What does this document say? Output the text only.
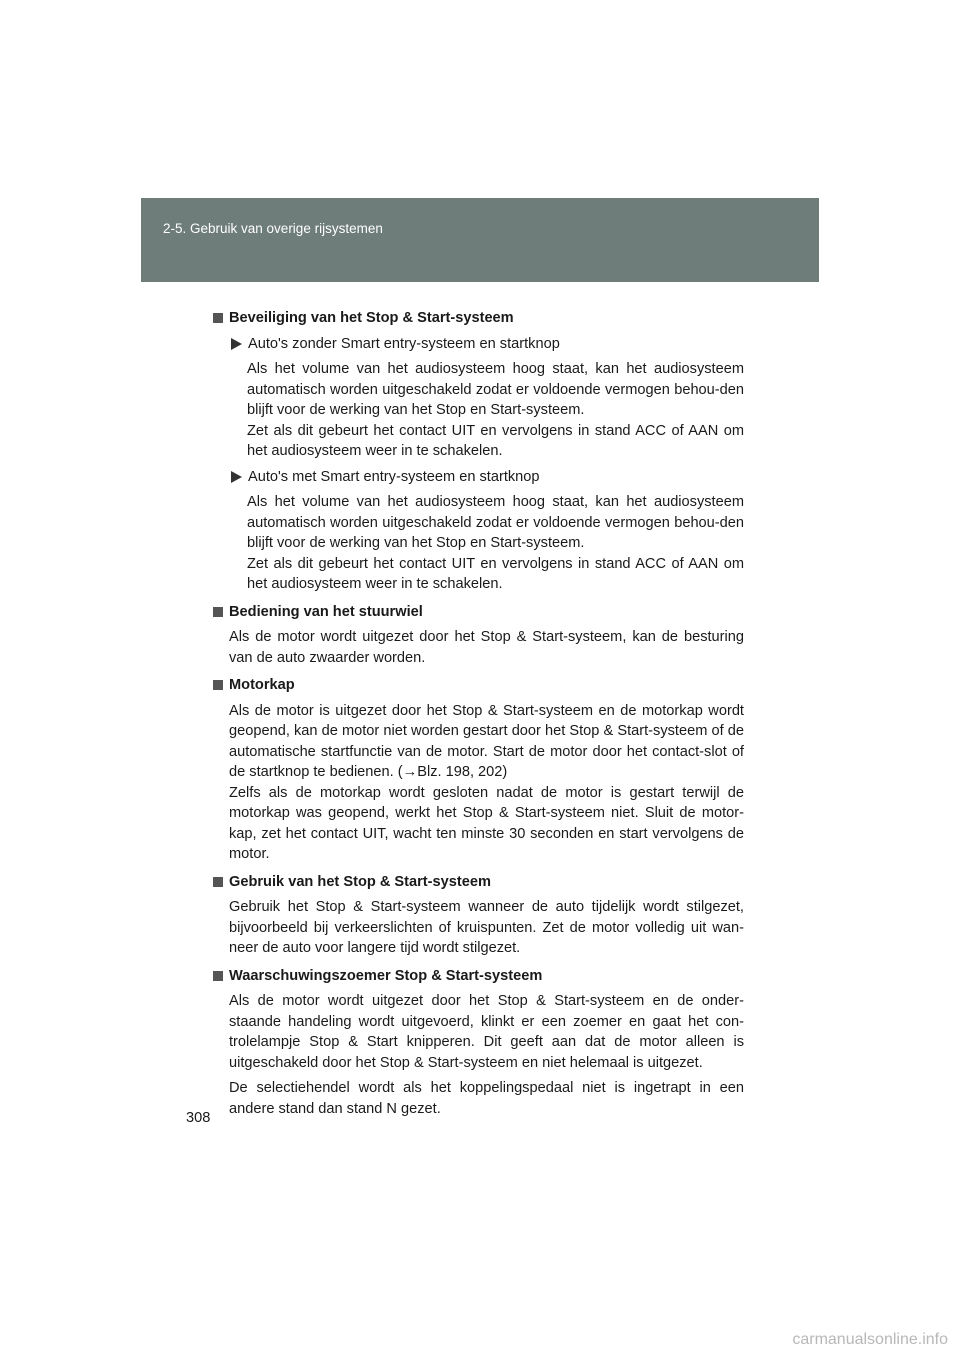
2-5. Gebruik van overige rijsystemen
Beveiliging van het Stop & Start-systeem
Auto's zonder Smart entry-systeem en startknop
Als het volume van het audiosysteem hoog staat, kan het audiosysteem automatisch worden uitgeschakeld zodat er voldoende vermogen behou-den blijft voor de werking van het Stop en Start-systeem.
Zet als dit gebeurt het contact UIT en vervolgens in stand ACC of AAN om het audiosysteem weer in te schakelen.
Auto's met Smart entry-systeem en startknop
Als het volume van het audiosysteem hoog staat, kan het audiosysteem automatisch worden uitgeschakeld zodat er voldoende vermogen behou-den blijft voor de werking van het Stop en Start-systeem.
Zet als dit gebeurt het contact UIT en vervolgens in stand ACC of AAN om het audiosysteem weer in te schakelen.
Bediening van het stuurwiel
Als de motor wordt uitgezet door het Stop & Start-systeem, kan de besturing van de auto zwaarder worden.
Motorkap
Als de motor is uitgezet door het Stop & Start-systeem en de motorkap wordt geopend, kan de motor niet worden gestart door het Stop & Start-systeem of de automatische startfunctie van de motor. Start de motor door het contact-slot of de startknop te bedienen. (→Blz. 198, 202)
Zelfs als de motorkap wordt gesloten nadat de motor is gestart terwijl de motorkap was geopend, werkt het Stop & Start-systeem niet. Sluit de motor-kap, zet het contact UIT, wacht ten minste 30 seconden en start vervolgens de motor.
Gebruik van het Stop & Start-systeem
Gebruik het Stop & Start-systeem wanneer de auto tijdelijk wordt stilgezet, bijvoorbeeld bij verkeerslichten of kruispunten. Zet de motor volledig uit wan-neer de auto voor langere tijd wordt stilgezet.
Waarschuwingszoemer Stop & Start-systeem
Als de motor wordt uitgezet door het Stop & Start-systeem en de onder-staande handeling wordt uitgevoerd, klinkt er een zoemer en gaat het con-trolelampje Stop & Start knipperen. Dit geeft aan dat de motor alleen is uitgeschakeld door het Stop & Start-systeem en niet helemaal is uitgezet.
De selectiehendel wordt als het koppelingspedaal niet is ingetrapt in een andere stand dan stand N gezet.
308
carmanualsonline.info
